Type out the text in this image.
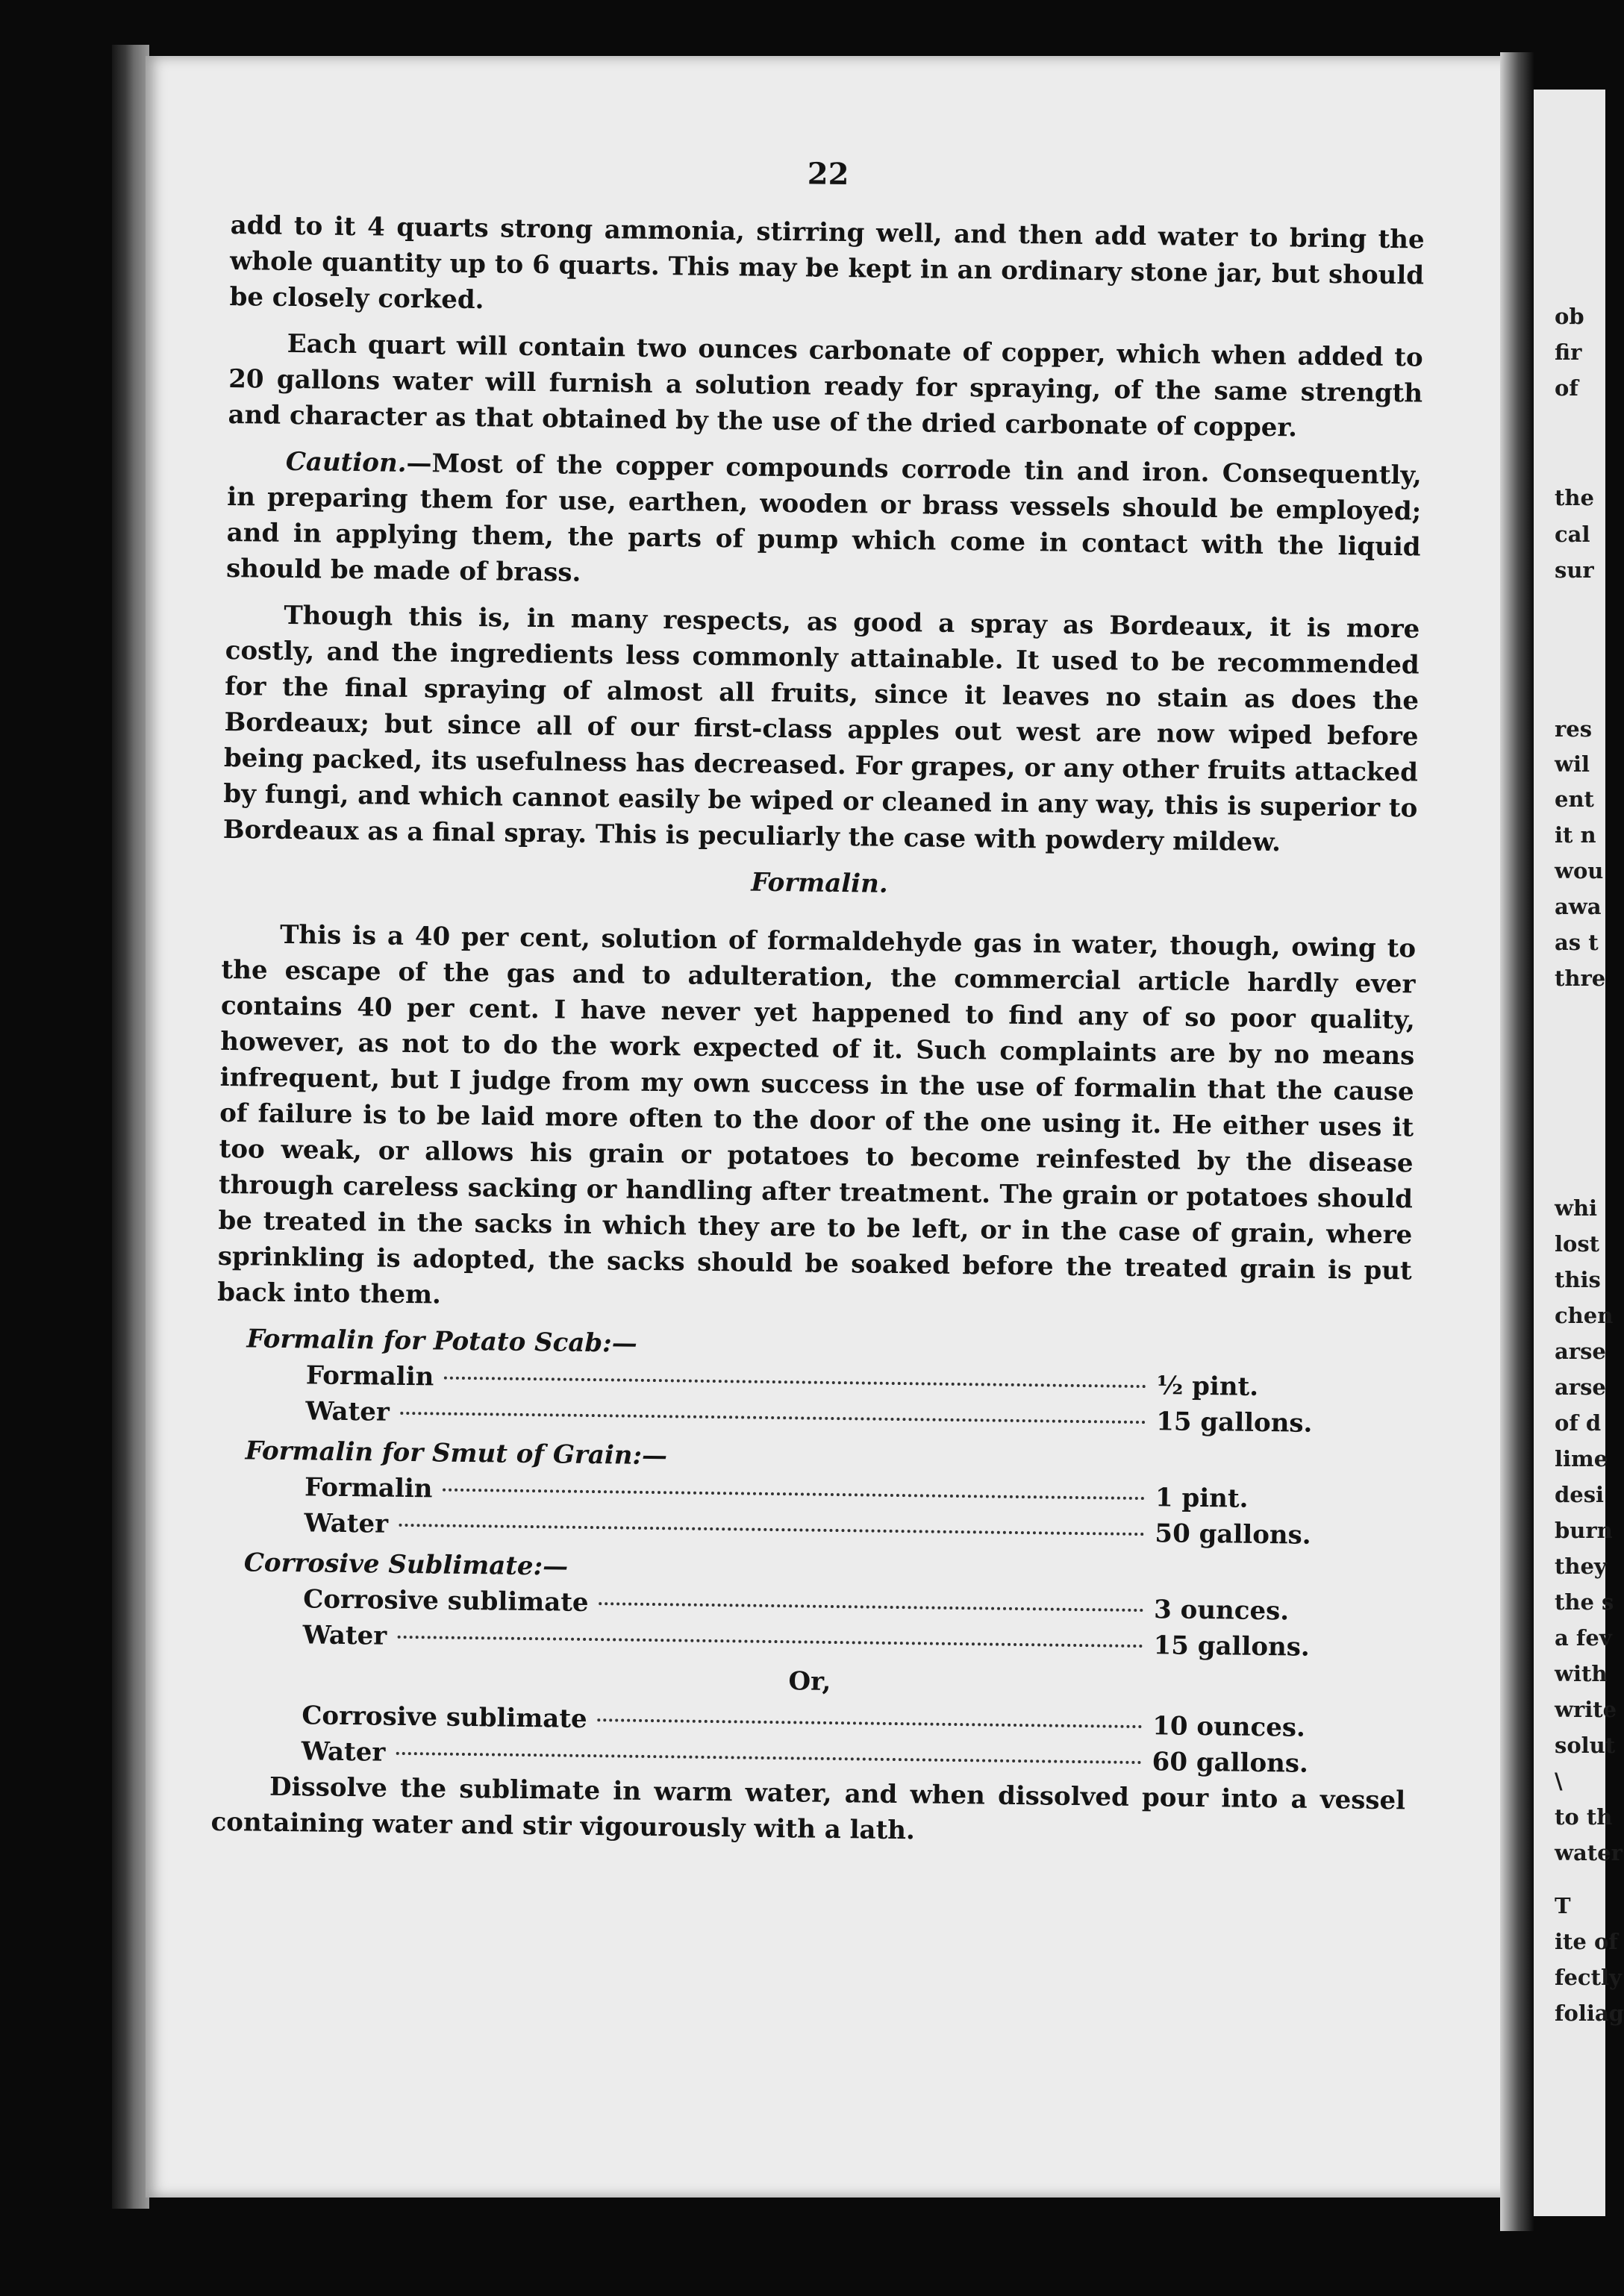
ob
fir
of
the
cal
sur
res
wil
ent
it n
wou
awa
as t
thre
whi
lost
this
chen
arse
arse
of d
lime
desi
burn
they
the s
a fev
with
write
solut
\
to th
water
T
ite of
fectly
foliag
22

add to it 4 quarts strong ammonia, stirring well, and then add water to bring the whole quantity up to 6 quarts. This may be kept in an ordinary stone jar, but should be closely corked.

Each quart will contain two ounces carbonate of copper, which when added to 20 gallons water will furnish a solution ready for spraying, of the same strength and character as that obtained by the use of the dried carbonate of copper.

Caution.—Most of the copper compounds corrode tin and iron. Consequently, in preparing them for use, earthen, wooden or brass vessels should be employed; and in applying them, the parts of pump which come in contact with the liquid should be made of brass.

Though this is, in many respects, as good a spray as Bordeaux, it is more costly, and the ingredients less commonly attainable. It used to be recommended for the final spraying of almost all fruits, since it leaves no stain as does the Bordeaux; but since all of our first-class apples out west are now wiped before being packed, its usefulness has decreased. For grapes, or any other fruits attacked by fungi, and which cannot easily be wiped or cleaned in any way, this is superior to Bordeaux as a final spray. This is peculiarly the case with powdery mildew.

Formalin.

This is a 40 per cent, solution of formaldehyde gas in water, though, owing to the escape of the gas and to adulteration, the commercial article hardly ever contains 40 per cent. I have never yet happened to find any of so poor quality, however, as not to do the work expected of it. Such complaints are by no means infrequent, but I judge from my own success in the use of formalin that the cause of failure is to be laid more often to the door of the one using it. He either uses it too weak, or allows his grain or potatoes to become reinfested by the disease through careless sacking or handling after treatment. The grain or potatoes should be treated in the sacks in which they are to be left, or in the case of grain, where sprinkling is adopted, the sacks should be soaked before the treated grain is put back into them.

Formalin for Potato Scab:—
Formalin	½ pint.
Water	15 gallons.
Formalin for Smut of Grain:—
Formalin	1 pint.
Water	50 gallons.
Corrosive Sublimate:—
Corrosive sublimate	3 ounces.
Water	15 gallons.
Or,
Corrosive sublimate	10 ounces.
Water	60 gallons.

Dissolve the sublimate in warm water, and when dissolved pour into a vessel containing water and stir vigourously with a lath.
